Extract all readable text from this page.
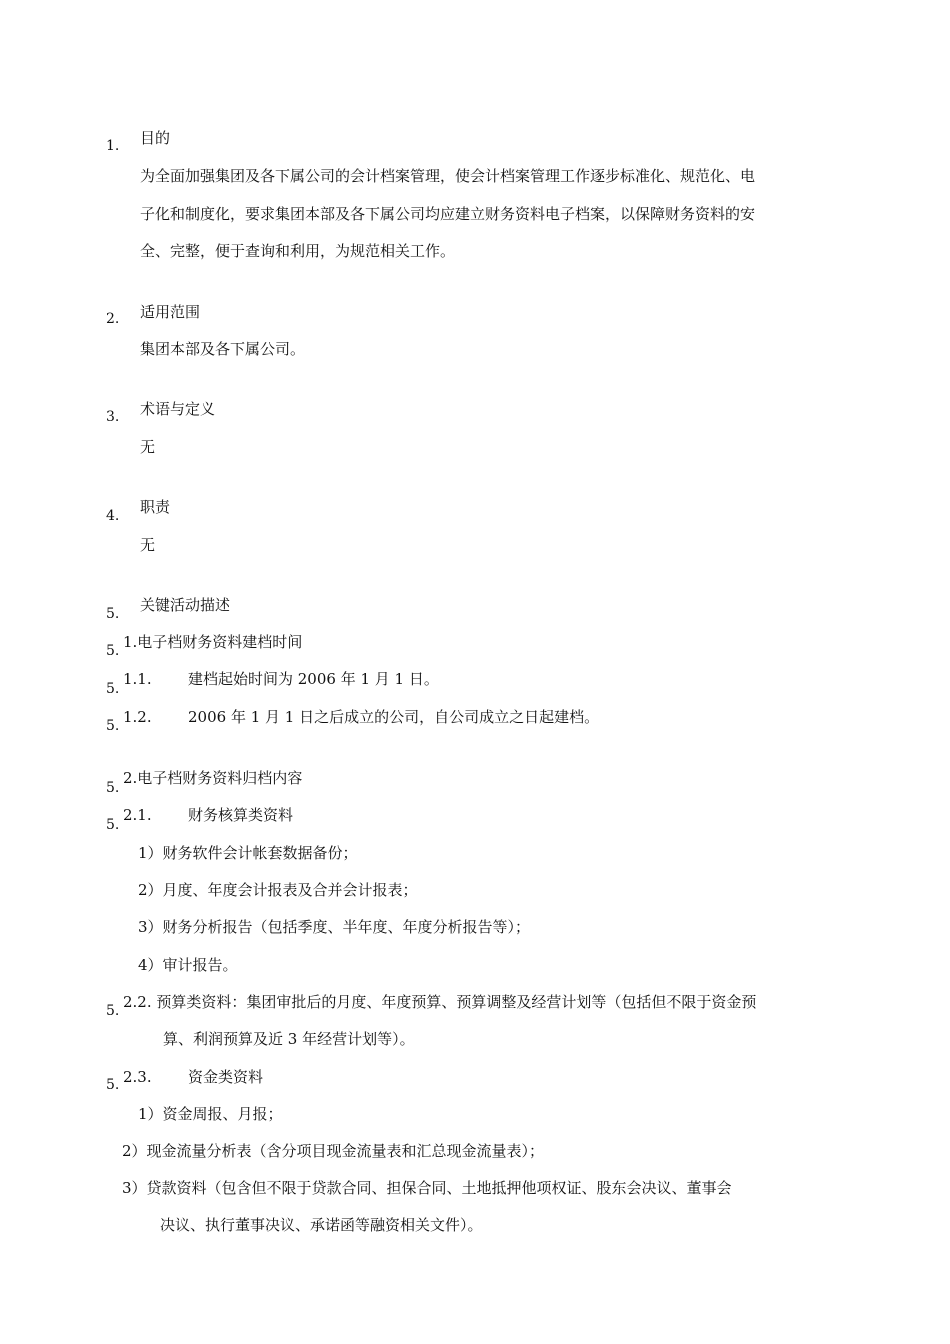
1. 目的
为全面加强集团及各下属公司的会计档案管理，使会计档案管理工作逐步标准化、规范化、电
子化和制度化，要求集团本部及各下属公司均应建立财务资料电子档案，以保障财务资料的安
全、完整，便于查询和利用，为规范相关工作。
2. 适用范围
集团本部及各下属公司。
3. 术语与定义
无
4. 职责
无
5. 关键活动描述
5. 1.电子档财务资料建档时间
5.
1.1. 建档起始时间为 2006 年 1 月 1 日。
5. 1.2. 2006 年 1 月 1 日之后成立的公司，自公司成立之日起建档。
5.
2.电子档财务资料归档内容
5.
2.1. 财务核算类资料
1）财务软件会计帐套数据备份；
2）月度、年度会计报表及合并会计报表；
3）财务分析报告（包括季度、半年度、年度分析报告等）；
4）审计报告。
5. 2.2. 预算类资料：集团审批后的月度、年度预算、预算调整及经营计划等（包括但不限于资金预
算、利润预算及近 3 年经营计划等）。
5. 2.3. 资金类资料
1）资金周报、月报；
2）现金流量分析表（含分项目现金流量表和汇总现金流量表）；
3）贷款资料（包含但不限于贷款合同、担保合同、土地抵押他项权证、股东会决议、董事会
决议、执行董事决议、承诺函等融资相关文件）。
